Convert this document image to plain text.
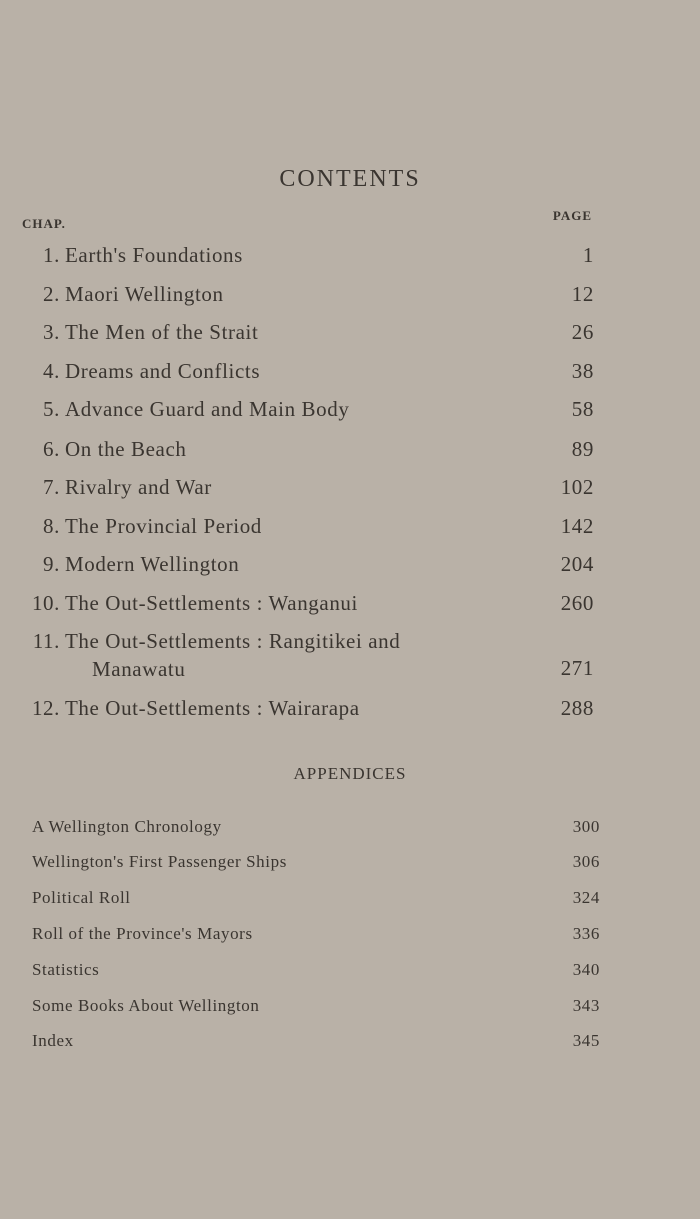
CONTENTS
CHAP.
PAGE
1. Earth's Foundations	1
2. Maori Wellington	12
3. The Men of the Strait	26
4. Dreams and Conflicts	38
5. Advance Guard and Main Body	58
6. On the Beach	89
7. Rivalry and War	102
8. The Provincial Period	142
9. Modern Wellington	204
10. The Out-Settlements : Wanganui	260
11. The Out-Settlements : Rangitikei and
Manawatu	271
12. The Out-Settlements : Wairarapa	288
APPENDICES
A Wellington Chronology	300
Wellington's First Passenger Ships	306
Political Roll	324
Roll of the Province's Mayors	336
Statistics	340
Some Books About Wellington	343
Index	345
